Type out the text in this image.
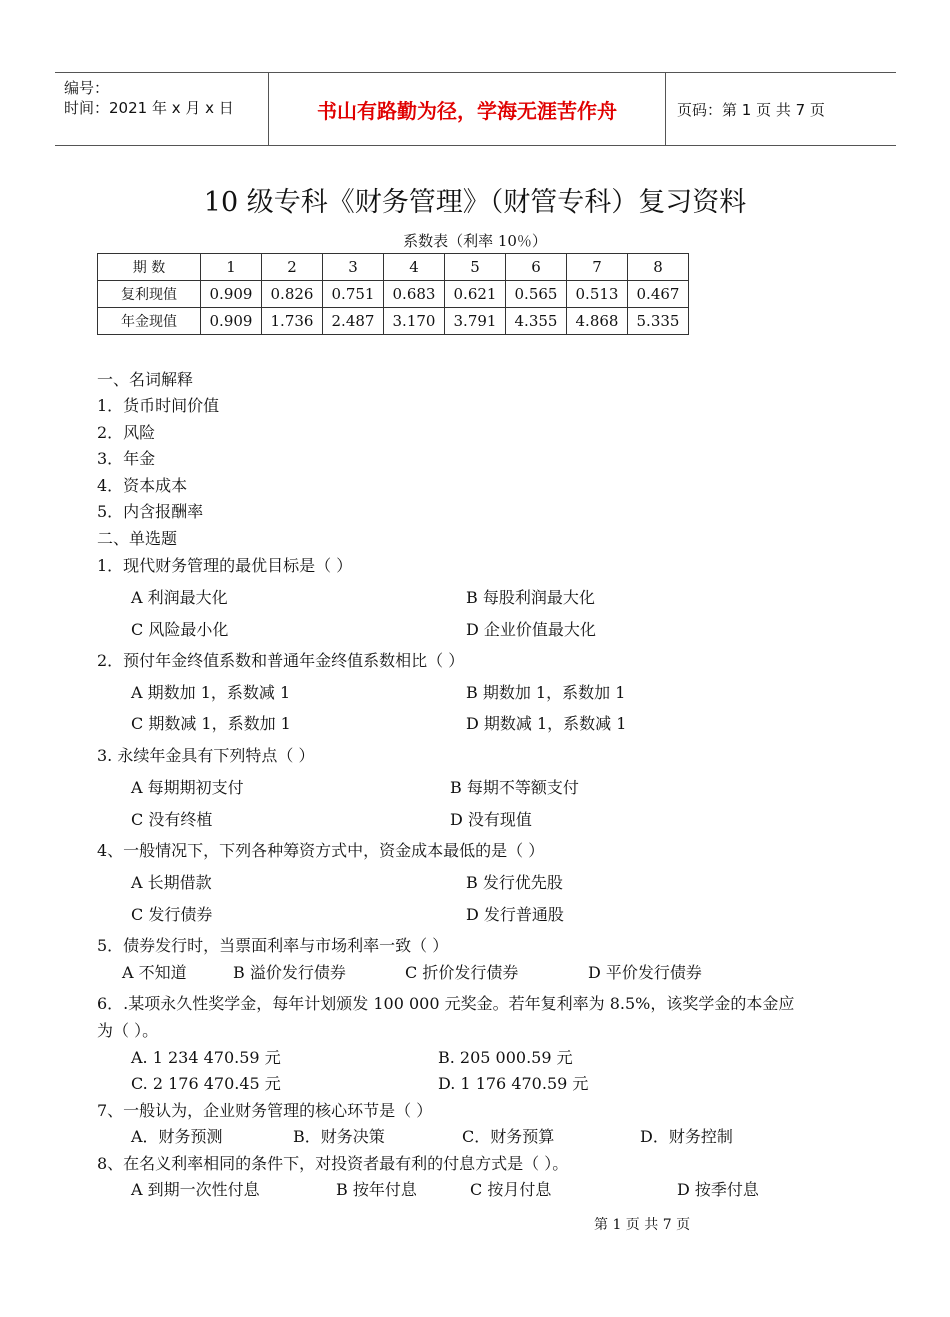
编号：
时间：2021 年 x 月 x 日	书山有路勤为径，学海无涯苦作舟	页码：第 1 页 共 7 页
10 级专科《财务管理》（财管专科）复习资料
系数表（利率 10％）
期 数	1	2	3	4	5	6	7	8
复利现值	0.909	0.826	0.751	0.683	0.621	0.565	0.513	0.467
年金现值	0.909	1.736	2.487	3.170	3.791	4.355	4.868	5.335
一、名词解释
1．货币时间价值
2．风险
3．年金
4．资本成本
5．内含报酬率
二、单选题
1．现代财务管理的最优目标是（ ）
A 利润最大化	B 每股利润最大化
C 风险最小化	D 企业价值最大化
2．预付年金终值系数和普通年金终值系数相比（ ）
A 期数加 1，系数减 1	B 期数加 1，系数加 1
C 期数减 1，系数加 1	D 期数减 1，系数减 1
3. 永续年金具有下列特点（ ）
A 每期期初支付	B 每期不等额支付
C 没有终植	D 没有现值
4、一般情况下，下列各种筹资方式中，资金成本最低的是（ ）
A 长期借款	B 发行优先股
C 发行债券	D 发行普通股
5．债券发行时，当票面利率与市场利率一致（ ）
A 不知道	B 溢价发行债券	C 折价发行债券	D 平价发行债券
6．.某项永久性奖学金，每年计划颁发 100 000 元奖金。若年复利率为 8.5%，该奖学金的本金应
为（ ）。
A. 1 234 470.59 元	B. 205 000.59 元
C. 2 176 470.45 元	D. 1 176 470.59 元
7、一般认为，企业财务管理的核心环节是（ ）
A．财务预测	B．财务决策	C．财务预算	D．财务控制
8、在名义利率相同的条件下，对投资者最有利的付息方式是（ ）。
A 到期一次性付息	B 按年付息	C 按月付息	D 按季付息
第 1 页 共 7 页
